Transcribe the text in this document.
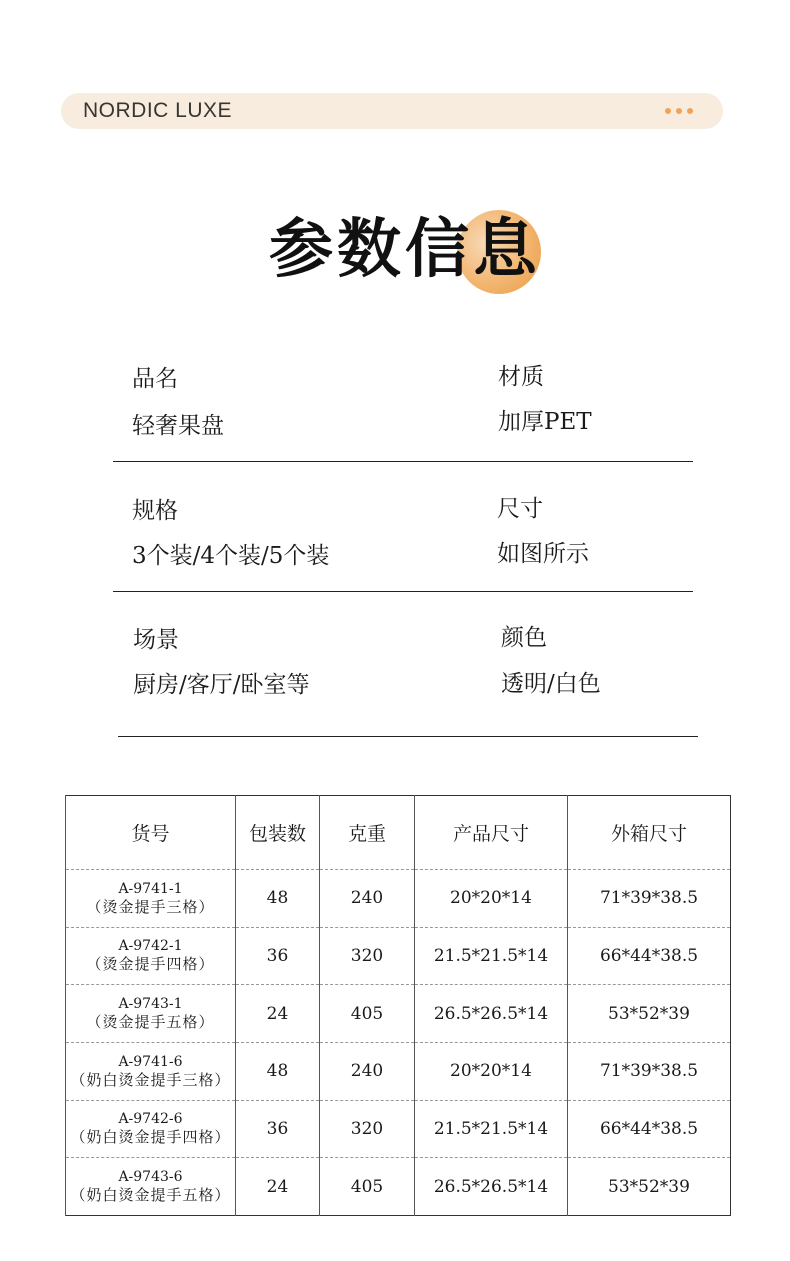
NORDIC LUXE
参数信息
品名
轻奢果盘
材质
加厚PET
规格
3个装/4个装/5个装
尺寸
如图所示
场景
厨房/客厅/卧室等
颜色
透明/白色
货号	包装数	克重	产品尺寸	外箱尺寸

A-9741-1
（烫金提手三格）	48	240	20*20*14	71*39*38.5

A-9742-1
（烫金提手四格）	36	320	21.5*21.5*14	66*44*38.5

A-9743-1
（烫金提手五格）	24	405	26.5*26.5*14	53*52*39

A-9741-6
（奶白烫金提手三格）	48	240	20*20*14	71*39*38.5

A-9742-6
（奶白烫金提手四格）	36	320	21.5*21.5*14	66*44*38.5

A-9743-6
（奶白烫金提手五格）	24	405	26.5*26.5*14	53*52*39
